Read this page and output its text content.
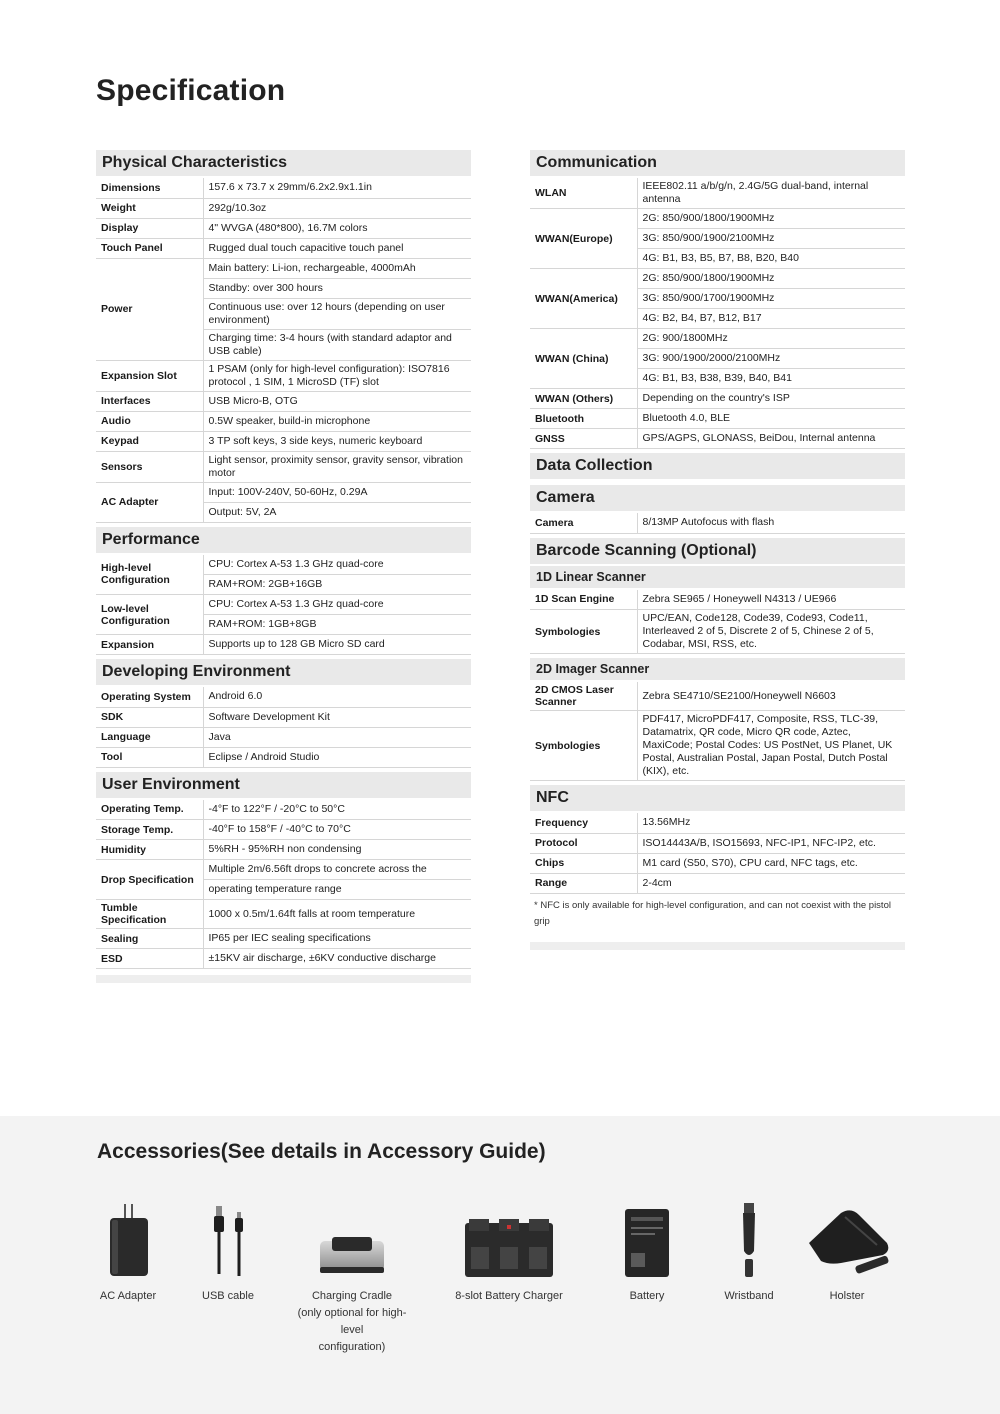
Specification
Physical Characteristics
Dimensions	157.6 x 73.7 x 29mm/6.2x2.9x1.1in
Weight	292g/10.3oz
Display	4" WVGA (480*800), 16.7M colors
Touch Panel	Rugged dual touch capacitive touch panel
Power	Main battery: Li-ion, rechargeable, 4000mAh
	Standby: over 300 hours
	Continuous use: over 12 hours (depending on user environment)
	Charging time: 3-4 hours (with standard adaptor and USB cable)
Expansion Slot	1 PSAM (only for high-level configuration): ISO7816 protocol , 1 SIM, 1 MicroSD (TF) slot
Interfaces	USB Micro-B, OTG
Audio	0.5W speaker, build-in microphone
Keypad	3 TP soft keys, 3 side keys, numeric keyboard
Sensors	Light sensor, proximity sensor, gravity sensor, vibration motor
AC Adapter	Input: 100V-240V, 50-60Hz, 0.29A
	Output: 5V, 2A
Performance
High-level Configuration	CPU: Cortex A-53 1.3 GHz quad-core
	RAM+ROM: 2GB+16GB
Low-level Configuration	CPU: Cortex A-53 1.3 GHz quad-core
	RAM+ROM: 1GB+8GB
Expansion	Supports up to 128 GB Micro SD card
Developing Environment
Operating System	Android 6.0
SDK	Software Development Kit
Language	Java
Tool	Eclipse / Android Studio
User Environment
Operating Temp.	-4°F to 122°F / -20°C to 50°C
Storage Temp.	-40°F to 158°F / -40°C to 70°C
Humidity	5%RH - 95%RH non condensing
Drop Specification	Multiple 2m/6.56ft drops to concrete across the
	operating temperature range
Tumble Specification	1000 x 0.5m/1.64ft falls at room temperature
Sealing	IP65 per IEC sealing specifications
ESD	±15KV air discharge, ±6KV conductive discharge
Communication
WLAN	IEEE802.11 a/b/g/n, 2.4G/5G dual-band, internal antenna
WWAN(Europe)	2G: 850/900/1800/1900MHz
	3G: 850/900/1900/2100MHz
	4G: B1, B3, B5, B7, B8, B20, B40
WWAN(America)	2G: 850/900/1800/1900MHz
	3G: 850/900/1700/1900MHz
	4G: B2, B4, B7, B12, B17
WWAN (China)	2G: 900/1800MHz
	3G: 900/1900/2000/2100MHz
	4G: B1, B3, B38, B39, B40, B41
WWAN (Others)	Depending on the country's ISP
Bluetooth	Bluetooth 4.0, BLE
GNSS	GPS/AGPS, GLONASS, BeiDou, Internal antenna
Data Collection
Camera
Camera	8/13MP Autofocus with flash
Barcode Scanning (Optional)
1D Linear Scanner
1D Scan Engine	Zebra SE965 / Honeywell N4313 / UE966
Symbologies	UPC/EAN, Code128, Code39, Code93, Code11, Interleaved 2 of 5, Discrete 2 of 5, Chinese 2 of 5, Codabar, MSI, RSS, etc.
2D Imager Scanner
2D CMOS Laser Scanner	Zebra SE4710/SE2100/Honeywell N6603
Symbologies	PDF417, MicroPDF417, Composite, RSS, TLC-39, Datamatrix, QR code, Micro QR code, Aztec, MaxiCode; Postal Codes: US PostNet, US Planet, UK Postal, Australian Postal, Japan Postal, Dutch Postal (KIX), etc.
NFC
Frequency	13.56MHz
Protocol	ISO14443A/B, ISO15693, NFC-IP1, NFC-IP2, etc.
Chips	M1 card (S50, S70), CPU card, NFC tags, etc.
Range	2-4cm
* NFC is only available for high-level configuration, and can not coexist with the pistol grip
Accessories(See details in Accessory Guide)
AC Adapter	USB cable	Charging Cradle
(only optional for high-level
configuration)
8-slot Battery Charger	Battery	Wristband	Holster
